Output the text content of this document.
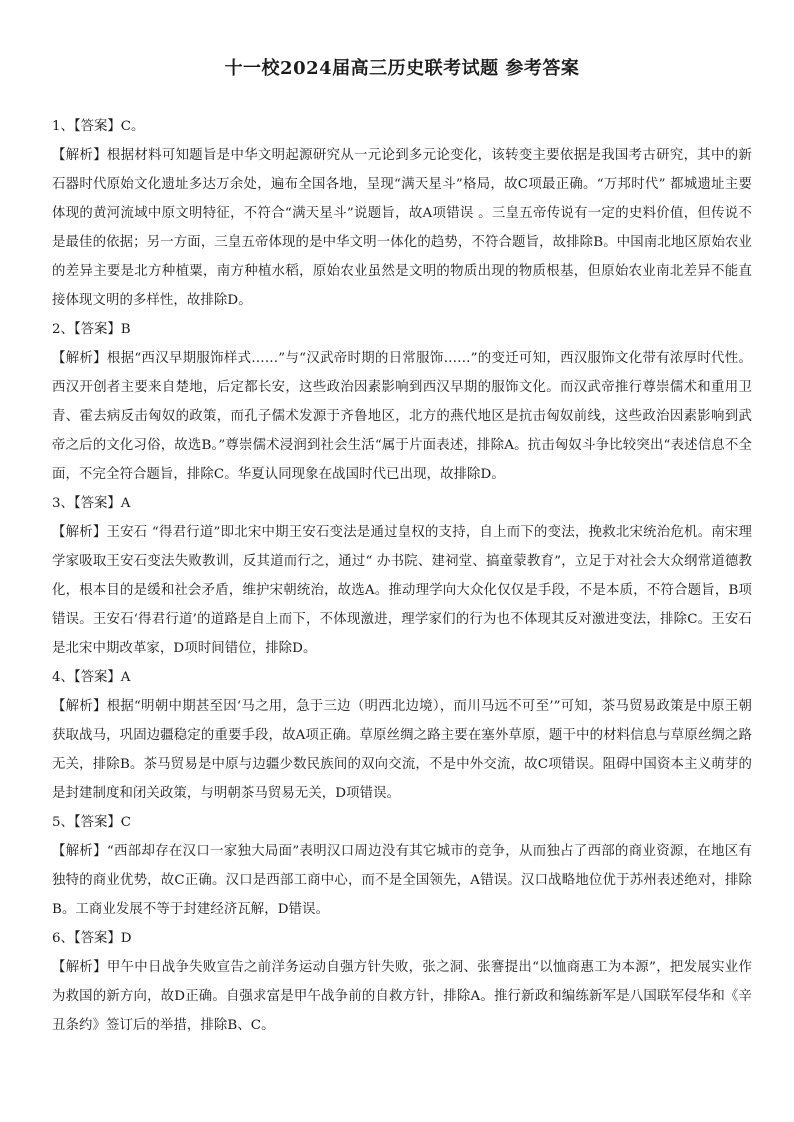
十一校2024届高三历史联考试题 参考答案

1、【答案】C。

【解析】根据材料可知题旨是中华文明起源研究从一元论到多元论变化，该转变主要依据是我国考古研究，其中的新石器时代原始文化遗址多达万余处，遍布全国各地，呈现“满天星斗”格局，故C项最正确。“万邦时代” 都城遗址主要体现的黄河流域中原文明特征，不符合“满天星斗”说题旨，故A项错误 。三皇五帝传说有一定的史料价值，但传说不是最佳的依据；另一方面，三皇五帝体现的是中华文明一体化的趋势，不符合题旨，故排除B。中国南北地区原始农业的差异主要是北方种植粟，南方种植水稻，原始农业虽然是文明的物质出现的物质根基，但原始农业南北差异不能直接体现文明的多样性，故排除D。

2、【答案】B

【解析】根据“西汉早期服饰样式……”与“汉武帝时期的日常服饰……”的变迁可知，西汉服饰文化带有浓厚时代性。西汉开创者主要来自楚地，后定都长安，这些政治因素影响到西汉早期的服饰文化。而汉武帝推行尊崇儒术和重用卫青、霍去病反击匈奴的政策，而孔子儒术发源于齐鲁地区，北方的燕代地区是抗击匈奴前线，这些政治因素影响到武帝之后的文化习俗，故选B。”尊崇儒术浸润到社会生活“属于片面表述，排除A。抗击匈奴斗争比较突出“表述信息不全面，不完全符合题旨，排除C。华夏认同现象在战国时代已出现，故排除D。

3、【答案】A

【解析】王安石 “得君行道”即北宋中期王安石变法是通过皇权的支持，自上而下的变法，挽救北宋统治危机。南宋理学家吸取王安石变法失败教训，反其道而行之，通过“ 办书院、建祠堂、搞童蒙教育”，立足于对社会大众纲常道德教化，根本目的是缓和社会矛盾，维护宋朝统治，故选A。推动理学向大众化仅仅是手段，不是本质，不符合题旨，B项错误。王安石‘得君行道’的道路是自上而下，不体现激进，理学家们的行为也不体现其反对激进变法，排除C。王安石是北宋中期改革家，D项时间错位，排除D。

4、【答案】A

【解析】根据“明朝中期甚至因‘马之用，急于三边（明西北边境），而川马远不可至’”可知，茶马贸易政策是中原王朝获取战马，巩固边疆稳定的重要手段，故A项正确。草原丝绸之路主要在塞外草原，题干中的材料信息与草原丝绸之路无关，排除B。茶马贸易是中原与边疆少数民族间的双向交流，不是中外交流，故C项错误。阻碍中国资本主义萌芽的是封建制度和闭关政策，与明朝茶马贸易无关，D项错误。

5、【答案】C

【解析】“西部却存在汉口一家独大局面”表明汉口周边没有其它城市的竞争，从而独占了西部的商业资源，在地区有独特的商业优势，故C正确。汉口是西部工商中心，而不是全国领先，A错误。汉口战略地位优于苏州表述绝对，排除B。工商业发展不等于封建经济瓦解，D错误。

6、【答案】D

【解析】甲午中日战争失败宣告之前洋务运动自强方针失败，张之洞、张謇提出“以恤商惠工为本源”，把发展实业作为救国的新方向，故D正确。自强求富是甲午战争前的自救方针，排除A。推行新政和编练新军是八国联军侵华和《辛丑条约》签订后的举措，排除B、C。
